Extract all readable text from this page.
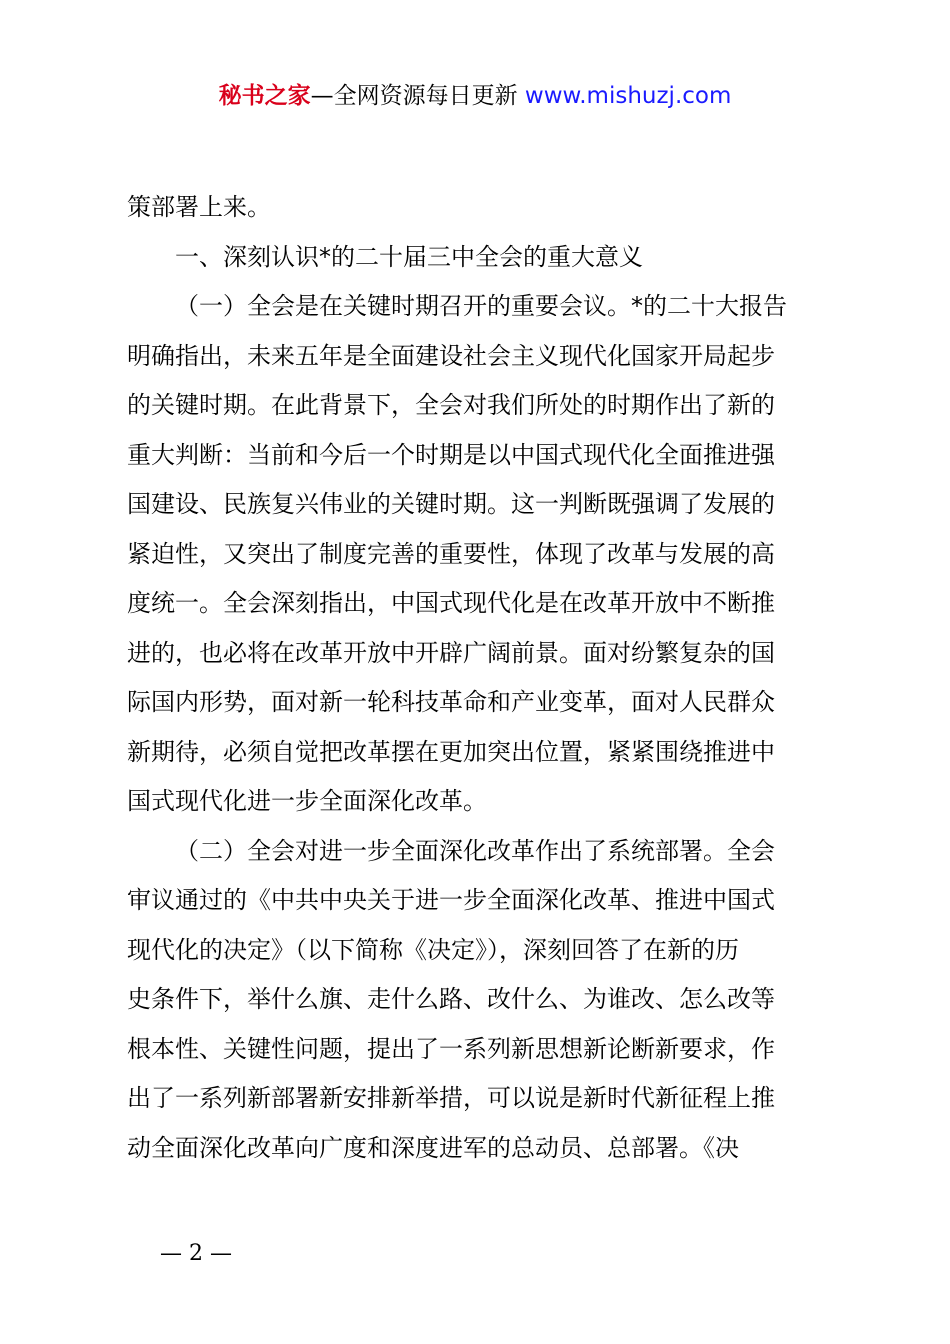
秘书之家—全网资源每日更新 www.mishuzj.com

策部署上来。

一、深刻认识*的二十届三中全会的重大意义

（一）全会是在关键时期召开的重要会议。*的二十大报告

明确指出，未来五年是全面建设社会主义现代化国家开局起步

的关键时期。在此背景下，全会对我们所处的时期作出了新的

重大判断：当前和今后一个时期是以中国式现代化全面推进强

国建设、民族复兴伟业的关键时期。这一判断既强调了发展的

紧迫性，又突出了制度完善的重要性，体现了改革与发展的高

度统一。全会深刻指出，中国式现代化是在改革开放中不断推

进的，也必将在改革开放中开辟广阔前景。面对纷繁复杂的国

际国内形势，面对新一轮科技革命和产业变革，面对人民群众

新期待，必须自觉把改革摆在更加突出位置，紧紧围绕推进中

国式现代化进一步全面深化改革。

（二）全会对进一步全面深化改革作出了系统部署。全会

审议通过的《中共中央关于进一步全面深化改革、推进中国式

现代化的决定》（以下简称《决定》），深刻回答了在新的历

史条件下，举什么旗、走什么路、改什么、为谁改、怎么改等

根本性、关键性问题，提出了一系列新思想新论断新要求，作

出了一系列新部署新安排新举措，可以说是新时代新征程上推

动全面深化改革向广度和深度进军的总动员、总部署。《决

— 2 —
